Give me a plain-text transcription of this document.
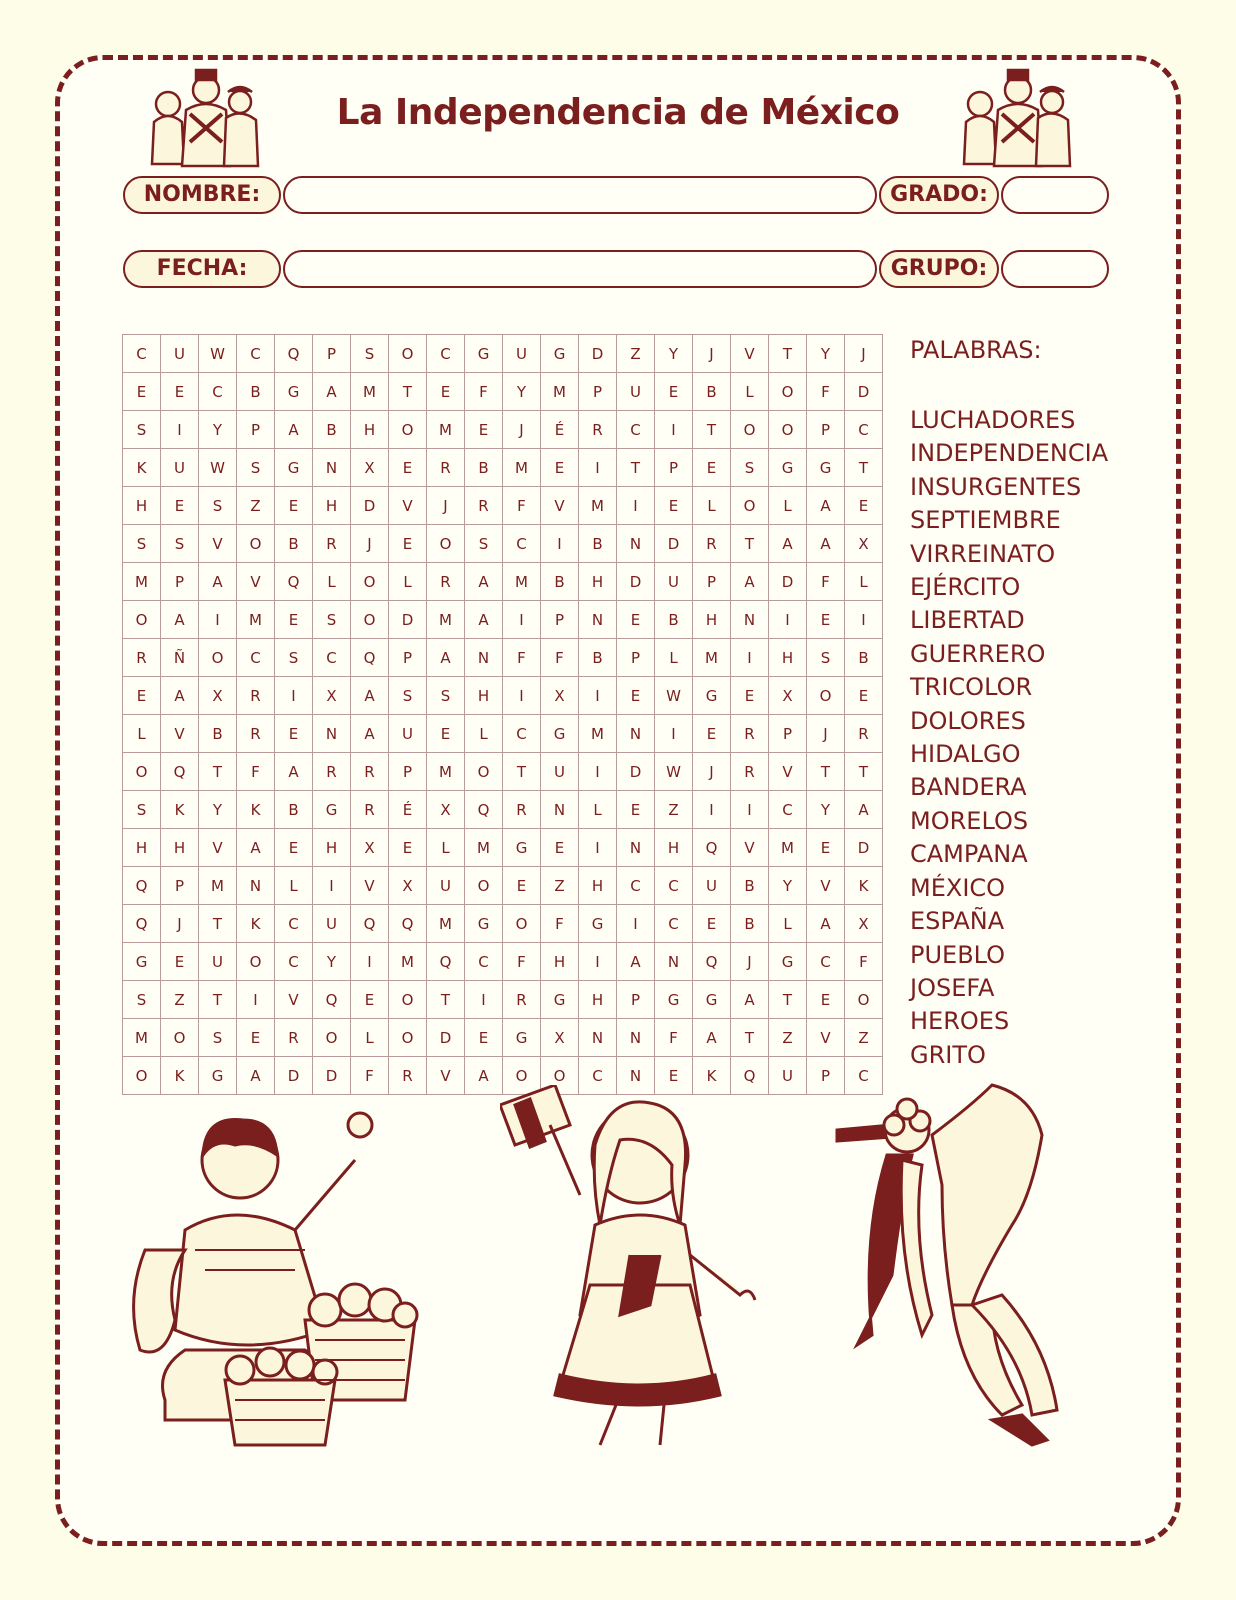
La Independencia de México
NOMBRE:	GRADO:
FECHA:	GRUPO:
C	U	W	C	Q	P	S	O	C	G	U	G	D	Z	Y	J	V	T	Y	J
E	E	C	B	G	A	M	T	E	F	Y	M	P	U	E	B	L	O	F	D
S	I	Y	P	A	B	H	O	M	E	J	É	R	C	I	T	O	O	P	C
K	U	W	S	G	N	X	E	R	B	M	E	I	T	P	E	S	G	G	T
H	E	S	Z	E	H	D	V	J	R	F	V	M	I	E	L	O	L	A	E
S	S	V	O	B	R	J	E	O	S	C	I	B	N	D	R	T	A	A	X
M	P	A	V	Q	L	O	L	R	A	M	B	H	D	U	P	A	D	F	L
O	A	I	M	E	S	O	D	M	A	I	P	N	E	B	H	N	I	E	I
R	Ñ	O	C	S	C	Q	P	A	N	F	F	B	P	L	M	I	H	S	B
E	A	X	R	I	X	A	S	S	H	I	X	I	E	W	G	E	X	O	E
L	V	B	R	E	N	A	U	E	L	C	G	M	N	I	E	R	P	J	R
O	Q	T	F	A	R	R	P	M	O	T	U	I	D	W	J	R	V	T	T
S	K	Y	K	B	G	R	É	X	Q	R	N	L	E	Z	I	I	C	Y	A
H	H	V	A	E	H	X	E	L	M	G	E	I	N	H	Q	V	M	E	D
Q	P	M	N	L	I	V	X	U	O	E	Z	H	C	C	U	B	Y	V	K
Q	J	T	K	C	U	Q	Q	M	G	O	F	G	I	C	E	B	L	A	X
G	E	U	O	C	Y	I	M	Q	C	F	H	I	A	N	Q	J	G	C	F
S	Z	T	I	V	Q	E	O	T	I	R	G	H	P	G	G	A	T	E	O
M	O	S	E	R	O	L	O	D	E	G	X	N	N	F	A	T	Z	V	Z
O	K	G	A	D	D	F	R	V	A	O	O	C	N	E	K	Q	U	P	C
PALABRAS:
LUCHADORES
INDEPENDENCIA
INSURGENTES
SEPTIEMBRE
VIRREINATO
EJÉRCITO
LIBERTAD
GUERRERO
TRICOLOR
DOLORES
HIDALGO
BANDERA
MORELOS
CAMPANA
MÉXICO
ESPAÑA
PUEBLO
JOSEFA
HEROES
GRITO
